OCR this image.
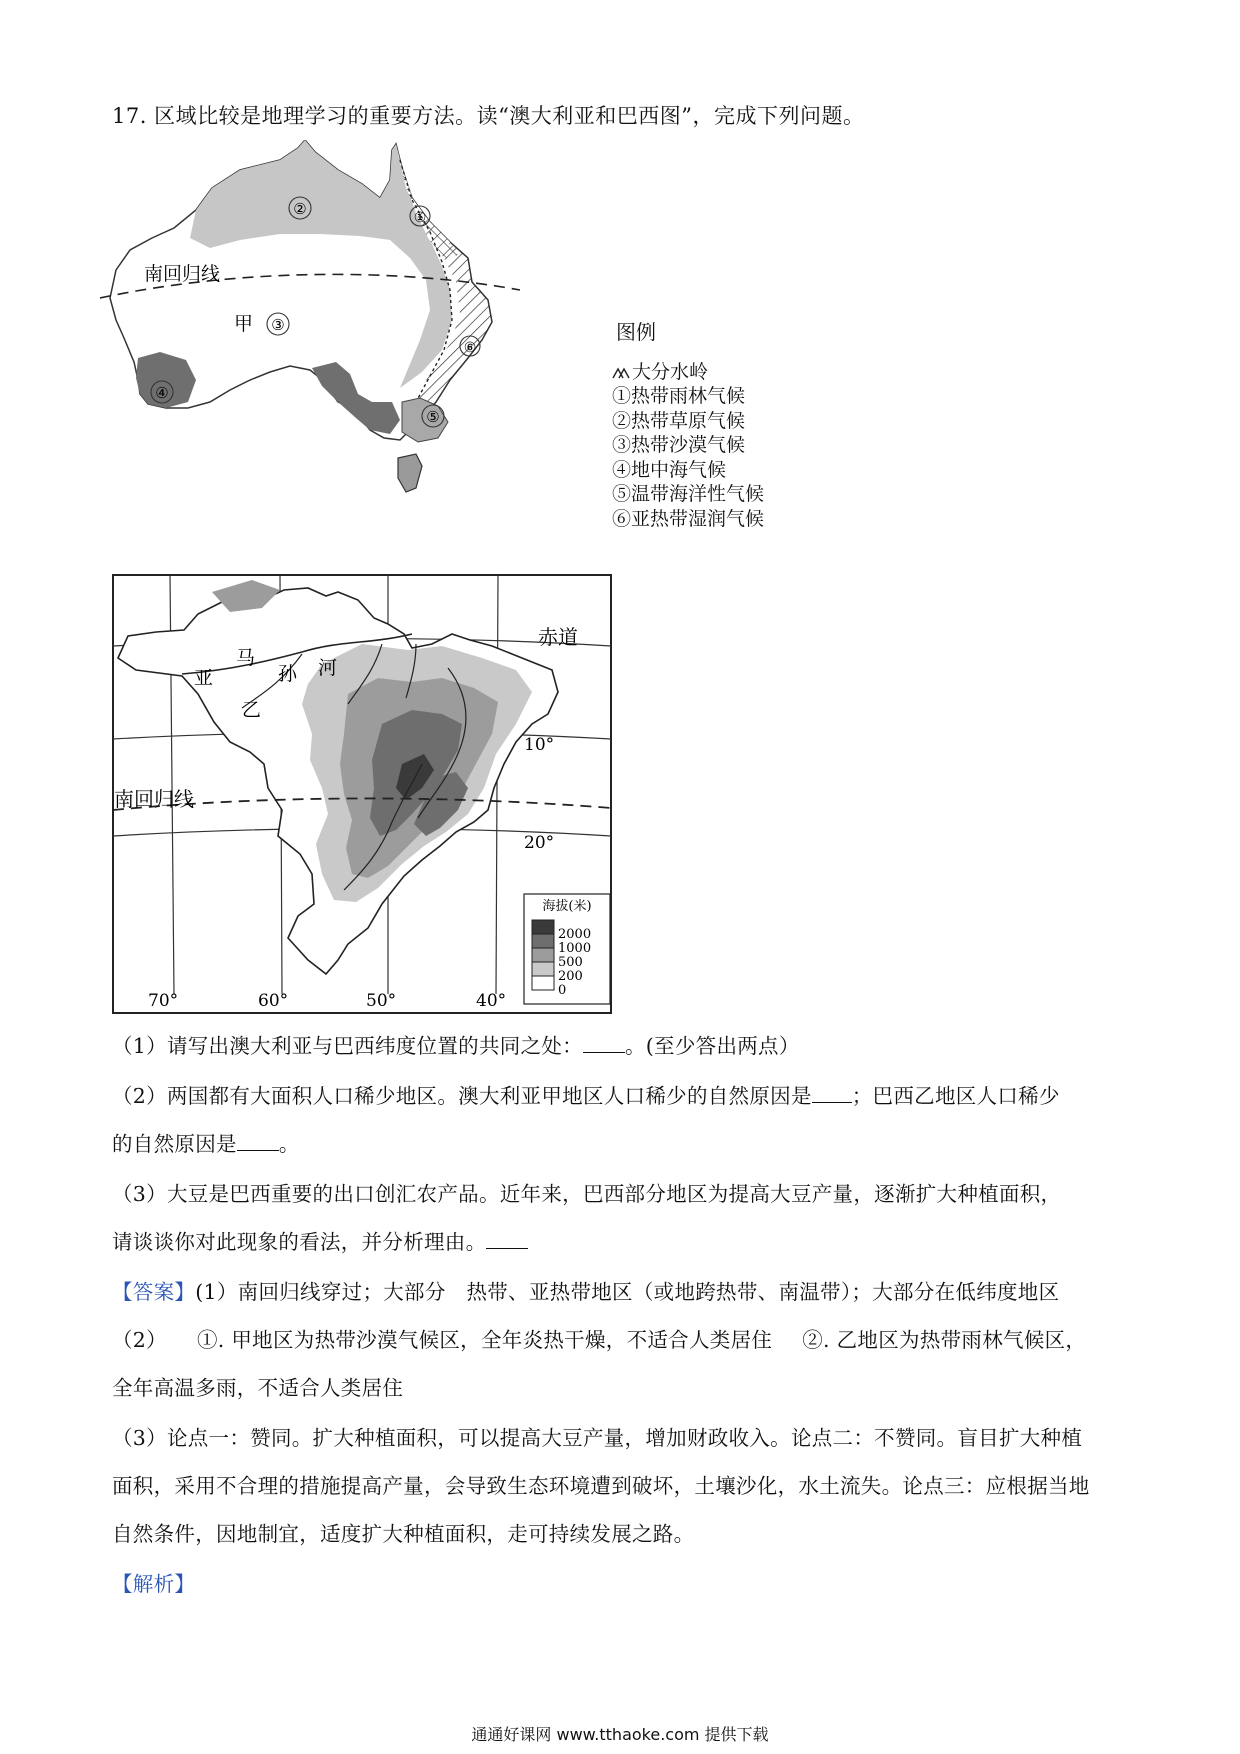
17. 区域比较是地理学习的重要方法。读“澳大利亚和巴西图”，完成下列问题。
②	①
③
④
⑤
⑥
南回归线
甲	图例
大分水岭
①热带雨林气候
②热带草原气候
③热带沙漠气候
④地中海气候
⑤温带海洋性气候
⑥亚热带湿润气候
赤道
南回归线
亚
马
孙 河
乙
10°
20°
70°	60°	50°	40°
海拔(米)
2000
1000
500
200
0
（1）请写出澳大利亚与巴西纬度位置的共同之处： 。(至少答出两点）
（2）两国都有大面积人口稀少地区。澳大利亚甲地区人口稀少的自然原因是 ；巴西乙地区人口稀少
的自然原因是 。
（3）大豆是巴西重要的出口创汇农产品。近年来，巴西部分地区为提高大豆产量，逐渐扩大种植面积，
请谈谈你对此现象的看法，并分析理由。
【答案】(1）南回归线穿过；大部分　热带、亚热带地区（或地跨热带、南温带）；大部分在低纬度地区
（2） ①. 甲地区为热带沙漠气候区，全年炎热干燥，不适合人类居住 ②. 乙地区为热带雨林气候区，
全年高温多雨，不适合人类居住
（3）论点一：赞同。扩大种植面积，可以提高大豆产量，增加财政收入。论点二：不赞同。盲目扩大种植
面积，采用不合理的措施提高产量，会导致生态环境遭到破坏，土壤沙化，水土流失。论点三：应根据当地
自然条件，因地制宜，适度扩大种植面积，走可持续发展之路。
【解析】
通通好课网 www.tthaoke.com 提供下载
